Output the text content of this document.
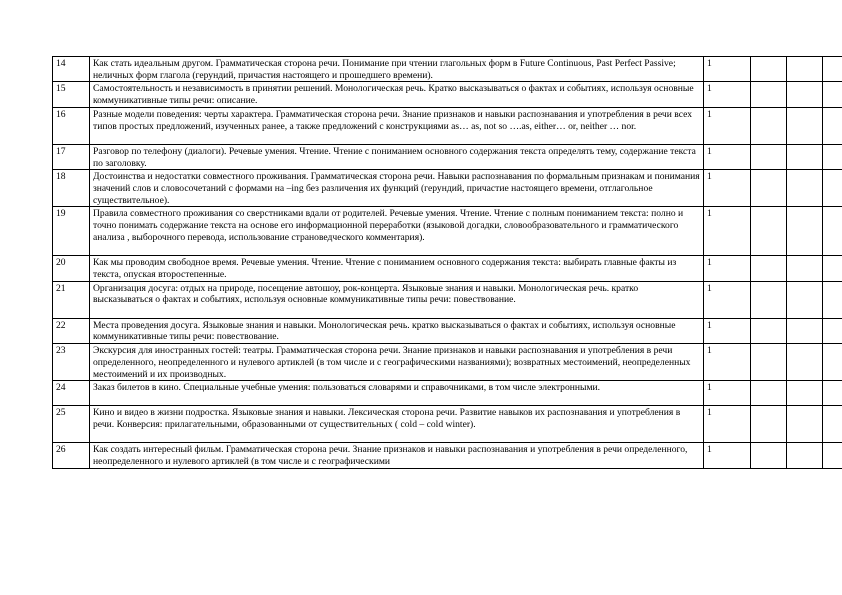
14	Как стать идеальным другом. Грамматическая сторона речи. Понимание при чтении глагольных форм в Future Continuous, Past Perfect Passive; неличных форм глагола (герундий, причастия настоящего и прошедшего времени).	1			
15	Самостоятельность и независимость в принятии решений. Монологическая речь. Кратко высказываться о фактах и событиях, используя основные коммуникативные типы речи: описание.	1			
16	Разные модели поведения: черты характера. Грамматическая сторона речи. Знание признаков и навыки распознавания и употребления в речи всех типов простых предложений, изученных ранее, а также предложений с конструкциями as… as, not so ….as, either… or, neither … nor.	1			
17	Разговор по телефону (диалоги). Речевые умения. Чтение. Чтение с пониманием основного содержания текста определять тему, содержание текста по заголовку.	1			
18	Достоинства и недостатки совместного проживания. Грамматическая сторона речи. Навыки распознавания по формальным признакам и понимания значений слов и словосочетаний с формами на –ing без различения их функций (герундий, причастие настоящего времени, отглагольное существительное).	1			
19	Правила совместного проживания со сверстниками вдали от родителей. Речевые умения. Чтение. Чтение с полным пониманием текста: полно и точно понимать содержание текста на основе его информационной переработки (языковой догадки, словообразовательного и грамматического анализа , выборочного перевода, использование страноведческого комментария).	1			
20	Как мы проводим свободное время. Речевые умения. Чтение. Чтение с пониманием основного содержания текста: выбирать главные факты из текста, опуская второстепенные.	1			
21	Организация досуга: отдых на природе, посещение автошоу, рок-концерта. Языковые знания и навыки. Монологическая речь. кратко высказываться о фактах и событиях, используя основные коммуникативные типы речи: повествование.	1			
22	Места проведения досуга. Языковые знания и навыки. Монологическая речь. кратко высказываться о фактах и событиях, используя основные коммуникативные типы речи: повествование.	1			
23	Экскурсия для иностранных гостей: театры. Грамматическая сторона речи. Знание признаков и навыки распознавания и употребления в речи определенного, неопределенного и нулевого артиклей (в том числе и с географическими названиями); возвратных местоимений, неопределенных местоимений и их производных.	1			
24	Заказ билетов в кино. Специальные учебные умения: пользоваться словарями и справочниками, в том числе электронными.	1			
25	Кино и видео в жизни подростка. Языковые знания и навыки. Лексическая сторона речи. Развитие навыков их распознавания и употребления в речи. Конверсия: прилагательными, образованными от существительных ( cold – cold winter).	1			
26	Как создать интересный фильм. Грамматическая сторона речи. Знание признаков и навыки распознавания и употребления в речи определенного, неопределенного и нулевого артиклей (в том числе и с географическими	1			
